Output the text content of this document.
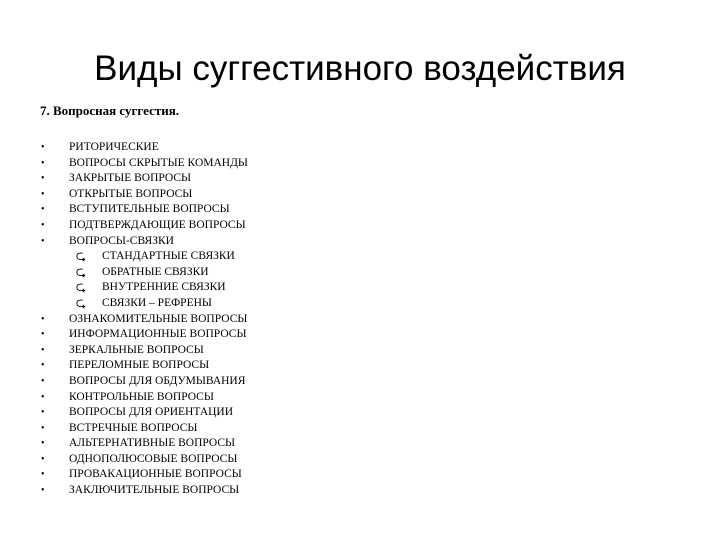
Виды суггестивного воздействия
7. Вопросная суггестия.
•	РИТОРИЧЕСКИЕ
•	ВОПРОСЫ СКРЫТЫЕ КОМАНДЫ
•	ЗАКРЫТЫЕ ВОПРОСЫ
•	ОТКРЫТЫЕ ВОПРОСЫ
•	ВСТУПИТЕЛЬНЫЕ ВОПРОСЫ
•	ПОДТВЕРЖДАЮЩИЕ ВОПРОСЫ
•	ВОПРОСЫ-СВЯЗКИ
⮎ СТАНДАРТНЫЕ СВЯЗКИ
⮎ ОБРАТНЫЕ СВЯЗКИ
⮎ ВНУТРЕННИЕ СВЯЗКИ
⮎ СВЯЗКИ – РЕФРЕНЫ
•	ОЗНАКОМИТЕЛЬНЫЕ ВОПРОСЫ
•	ИНФОРМАЦИОННЫЕ ВОПРОСЫ
•	ЗЕРКАЛЬНЫЕ ВОПРОСЫ
•	ПЕРЕЛОМНЫЕ ВОПРОСЫ
•	ВОПРОСЫ ДЛЯ ОБДУМЫВАНИЯ
•	КОНТРОЛЬНЫЕ ВОПРОСЫ
•	ВОПРОСЫ ДЛЯ ОРИЕНТАЦИИ
•	ВСТРЕЧНЫЕ ВОПРОСЫ
•	АЛЬТЕРНАТИВНЫЕ ВОПРОСЫ
•	ОДНОПОЛЮСОВЫЕ ВОПРОСЫ
•	ПРОВАКАЦИОННЫЕ ВОПРОСЫ
•	ЗАКЛЮЧИТЕЛЬНЫЕ ВОПРОСЫ
